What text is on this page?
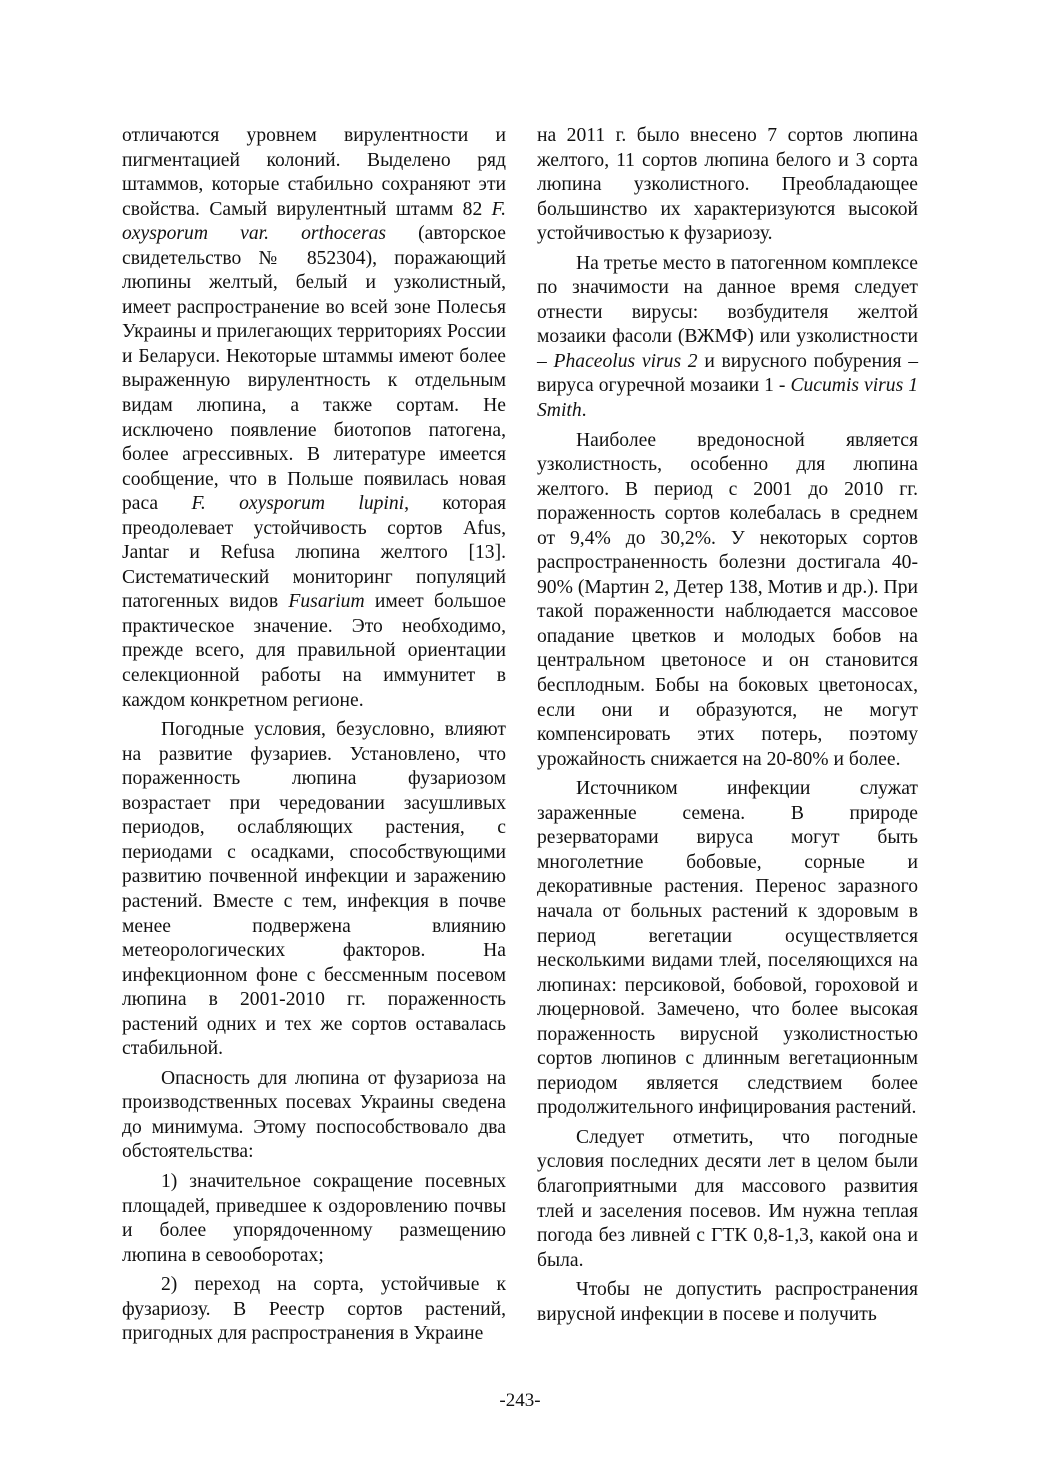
отличаются уровнем вирулентности и пигментацией колоний. Выделено ряд штаммов, которые стабильно сохраняют эти свойства. Самый вирулентный штамм 82 F. oxysporum var. orthoceras (авторское свидетельство № 852304), поражающий люпины желтый, белый и узколистный, имеет распространение во всей зоне Полесья Украины и прилегающих территориях России и Беларуси. Некоторые штаммы имеют более выраженную вирулентность к отдельным видам люпина, а также сортам. Не исключено появление биотопов патогена, более агрессивных. В литературе имеется сообщение, что в Польше появилась новая раса F. oxysporum lupini, которая преодолевает устойчивость сортов Afus, Jantar и Refusa люпина желтого [13]. Систематический мониторинг популяций патогенных видов Fusarium имеет большое практическое значение. Это необходимо, прежде всего, для правильной ориентации селекционной работы на иммунитет в каждом конкретном регионе.

Погодные условия, безусловно, влияют на развитие фузариев. Установлено, что пораженность люпина фузариозом возрастает при чередовании засушливых периодов, ослабляющих растения, с периодами с осадками, способствующими развитию почвенной инфекции и заражению растений. Вместе с тем, инфекция в почве менее подвержена влиянию метеорологических факторов. На инфекционном фоне с бессменным посевом люпина в 2001-2010 гг. пораженность растений одних и тех же сортов оставалась стабильной.

Опасность для люпина от фузариоза на производственных посевах Украины сведена до минимума. Этому поспособствовало два обстоятельства:

1) значительное сокращение посевных площадей, приведшее к оздоровлению почвы и более упорядоченному размещению люпина в севооборотах;

2) переход на сорта, устойчивые к фузариозу. В Реестр сортов растений, пригодных для распространения в Украине

на 2011 г. было внесено 7 сортов люпина желтого, 11 сортов люпина белого и 3 сорта люпина узколистного. Преобладающее большинство их характеризуются высокой устойчивостью к фузариозу.

На третье место в патогенном комплексе по значимости на данное время следует отнести вирусы: возбудителя желтой мозаики фасоли (ВЖМФ) или узколистности – Phaceolus virus 2 и вирусного побурения – вируса огуречной мозаики 1 - Cucumis virus 1 Smith.

Наиболее вредоносной является узколистность, особенно для люпина желтого. В период с 2001 до 2010 гг. пораженность сортов колебалась в среднем от 9,4% до 30,2%. У некоторых сортов распространенность болезни достигала 40-90% (Мартин 2, Детер 138, Мотив и др.). При такой пораженности наблюдается массовое опадание цветков и молодых бобов на центральном цветоносе и он становится бесплодным. Бобы на боковых цветоносах, если они и образуются, не могут компенсировать этих потерь, поэтому урожайность снижается на 20-80% и более.

Источником инфекции служат зараженные семена. В природе резерваторами вируса могут быть многолетние бобовые, сорные и декоративные растения. Перенос заразного начала от больных растений к здоровым в период вегетации осуществляется несколькими видами тлей, поселяющихся на люпинах: персиковой, бобовой, гороховой и люцерновой. Замечено, что более высокая пораженность вирусной узколистностью сортов люпинов с длинным вегетационным периодом является следствием более продолжительного инфицирования растений.

Следует отметить, что погодные условия последних десяти лет в целом были благоприятными для массового развития тлей и заселения посевов. Им нужна теплая погода без ливней с ГТК 0,8-1,3, какой она и была.

Чтобы не допустить распространения вирусной инфекции в посеве и получить

-243-
